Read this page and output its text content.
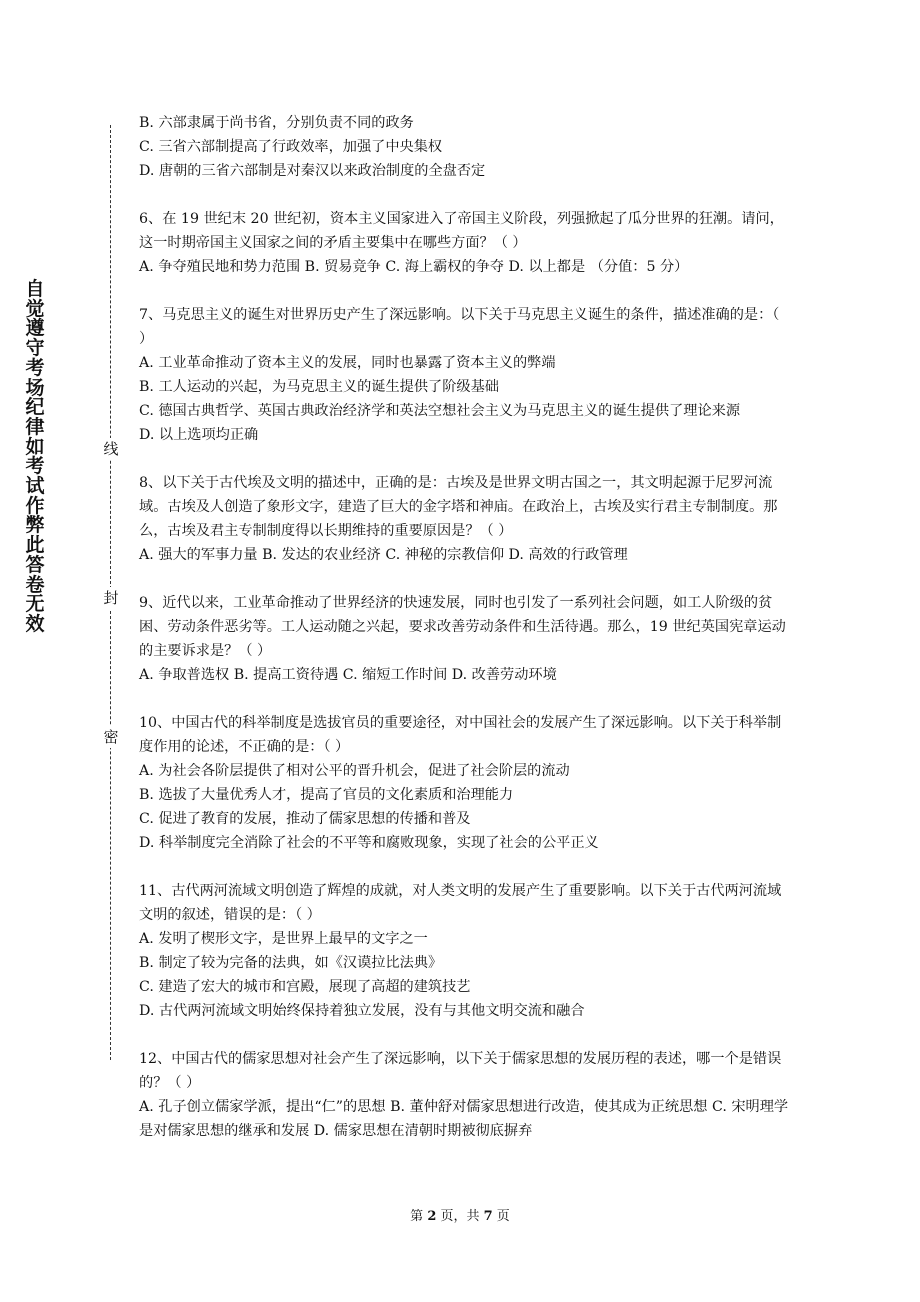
自觉遵守考场纪律如考试作弊此答卷无效
线
封
密

B. 六部隶属于尚书省，分别负责不同的政务

C. 三省六部制提高了行政效率，加强了中央集权

D. 唐朝的三省六部制是对秦汉以来政治制度的全盘否定

6、在 19 世纪末 20 世纪初，资本主义国家进入了帝国主义阶段，列强掀起了瓜分世界的狂潮。请问，这一时期帝国主义国家之间的矛盾主要集中在哪些方面？（ ）

A. 争夺殖民地和势力范围 B. 贸易竞争 C. 海上霸权的争夺 D. 以上都是 （分值：5 分）

7、马克思主义的诞生对世界历史产生了深远影响。以下关于马克思主义诞生的条件，描述准确的是：（ ）

A. 工业革命推动了资本主义的发展，同时也暴露了资本主义的弊端

B. 工人运动的兴起，为马克思主义的诞生提供了阶级基础

C. 德国古典哲学、英国古典政治经济学和英法空想社会主义为马克思主义的诞生提供了理论来源

D. 以上选项均正确

8、以下关于古代埃及文明的描述中，正确的是：古埃及是世界文明古国之一，其文明起源于尼罗河流域。古埃及人创造了象形文字，建造了巨大的金字塔和神庙。在政治上，古埃及实行君主专制制度。那么，古埃及君主专制制度得以长期维持的重要原因是？（ ）

A. 强大的军事力量 B. 发达的农业经济 C. 神秘的宗教信仰 D. 高效的行政管理

9、近代以来，工业革命推动了世界经济的快速发展，同时也引发了一系列社会问题，如工人阶级的贫困、劳动条件恶劣等。工人运动随之兴起，要求改善劳动条件和生活待遇。那么，19 世纪英国宪章运动的主要诉求是？（ ）

A. 争取普选权 B. 提高工资待遇 C. 缩短工作时间 D. 改善劳动环境

10、中国古代的科举制度是选拔官员的重要途径，对中国社会的发展产生了深远影响。以下关于科举制度作用的论述，不正确的是：（ ）

A. 为社会各阶层提供了相对公平的晋升机会，促进了社会阶层的流动

B. 选拔了大量优秀人才，提高了官员的文化素质和治理能力

C. 促进了教育的发展，推动了儒家思想的传播和普及

D. 科举制度完全消除了社会的不平等和腐败现象，实现了社会的公平正义

11、古代两河流域文明创造了辉煌的成就，对人类文明的发展产生了重要影响。以下关于古代两河流域文明的叙述，错误的是：（ ）

A. 发明了楔形文字，是世界上最早的文字之一

B. 制定了较为完备的法典，如《汉谟拉比法典》

C. 建造了宏大的城市和宫殿，展现了高超的建筑技艺

D. 古代两河流域文明始终保持着独立发展，没有与其他文明交流和融合

12、中国古代的儒家思想对社会产生了深远影响，以下关于儒家思想的发展历程的表述，哪一个是错误的？（ ）

A. 孔子创立儒家学派，提出“仁”的思想 B. 董仲舒对儒家思想进行改造，使其成为正统思想 C. 宋明理学是对儒家思想的继承和发展 D. 儒家思想在清朝时期被彻底摒弃

第 2 页，共 7 页
